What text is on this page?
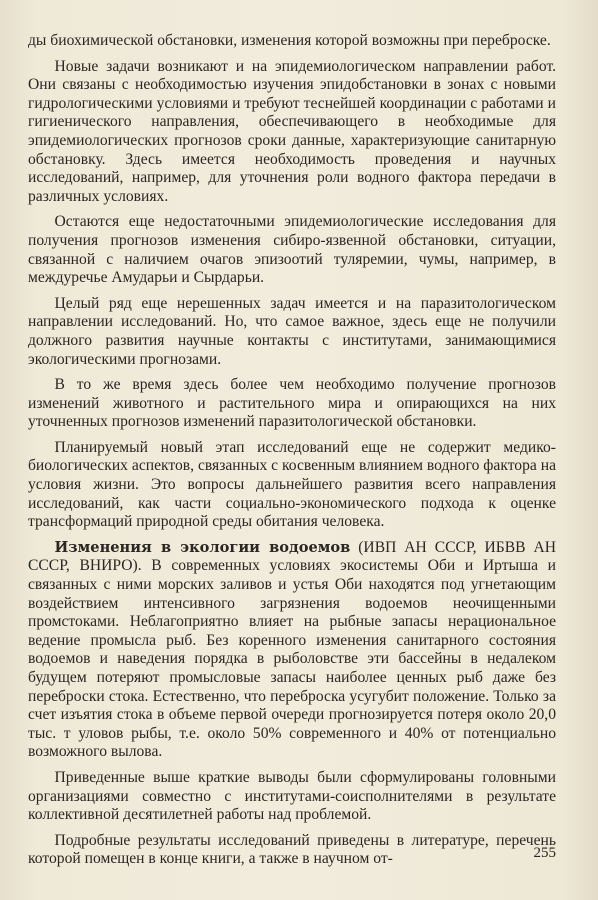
ды биохимической обстановки, изменения которой возможны при переброске.

Новые задачи возникают и на эпидемиологическом направлении работ. Они связаны с необходимостью изучения эпидобстановки в зонах с новыми гидрологическими условиями и требуют теснейшей координации с работами и гигиенического направления, обеспечивающего в необходимые для эпидемиологических прогнозов сроки данные, характеризующие санитарную обстановку. Здесь имеется необходимость проведения и научных исследований, например, для уточнения роли водного фактора передачи в различных условиях.

Остаются еще недостаточными эпидемиологические исследования для получения прогнозов изменения сибиро-язвенной обстановки, ситуации, связанной с наличием очагов эпизоотий туляремии, чумы, например, в междуречье Амударьи и Сырдарьи.

Целый ряд еще нерешенных задач имеется и на паразитологическом направлении исследований. Но, что самое важное, здесь еще не получили должного развития научные контакты с институтами, занимающимися экологическими прогнозами.

В то же время здесь более чем необходимо получение прогнозов изменений животного и растительного мира и опирающихся на них уточненных прогнозов изменений паразитологической обстановки.

Планируемый новый этап исследований еще не содержит медико-биологических аспектов, связанных с косвенным влиянием водного фактора на условия жизни. Это вопросы дальнейшего развития всего направления исследований, как части социально-экономического подхода к оценке трансформаций природной среды обитания человека.

Изменения в экологии водоемов (ИВП АН СССР, ИБВВ АН СССР, ВНИРО). В современных условиях экосистемы Оби и Иртыша и связанных с ними морских заливов и устья Оби находятся под угнетающим воздействием интенсивного загрязнения водоемов неочищенными промстоками. Неблагоприятно влияет на рыбные запасы нерациональное ведение промысла рыб. Без коренного изменения санитарного состояния водоемов и наведения порядка в рыболовстве эти бассейны в недалеком будущем потеряют промысловые запасы наиболее ценных рыб даже без переброски стока. Естественно, что переброска усугубит положение. Только за счет изъятия стока в объеме первой очереди прогнозируется потеря около 20,0 тыс. т уловов рыбы, т.е. около 50% современного и 40% от потенциально возможного вылова.

Приведенные выше краткие выводы были сформулированы головными организациями совместно с институтами-соисполнителями в результате коллективной десятилетней работы над проблемой.

Подробные результаты исследований приведены в литературе, перечень которой помещен в конце книги, а также в научном от-	255
